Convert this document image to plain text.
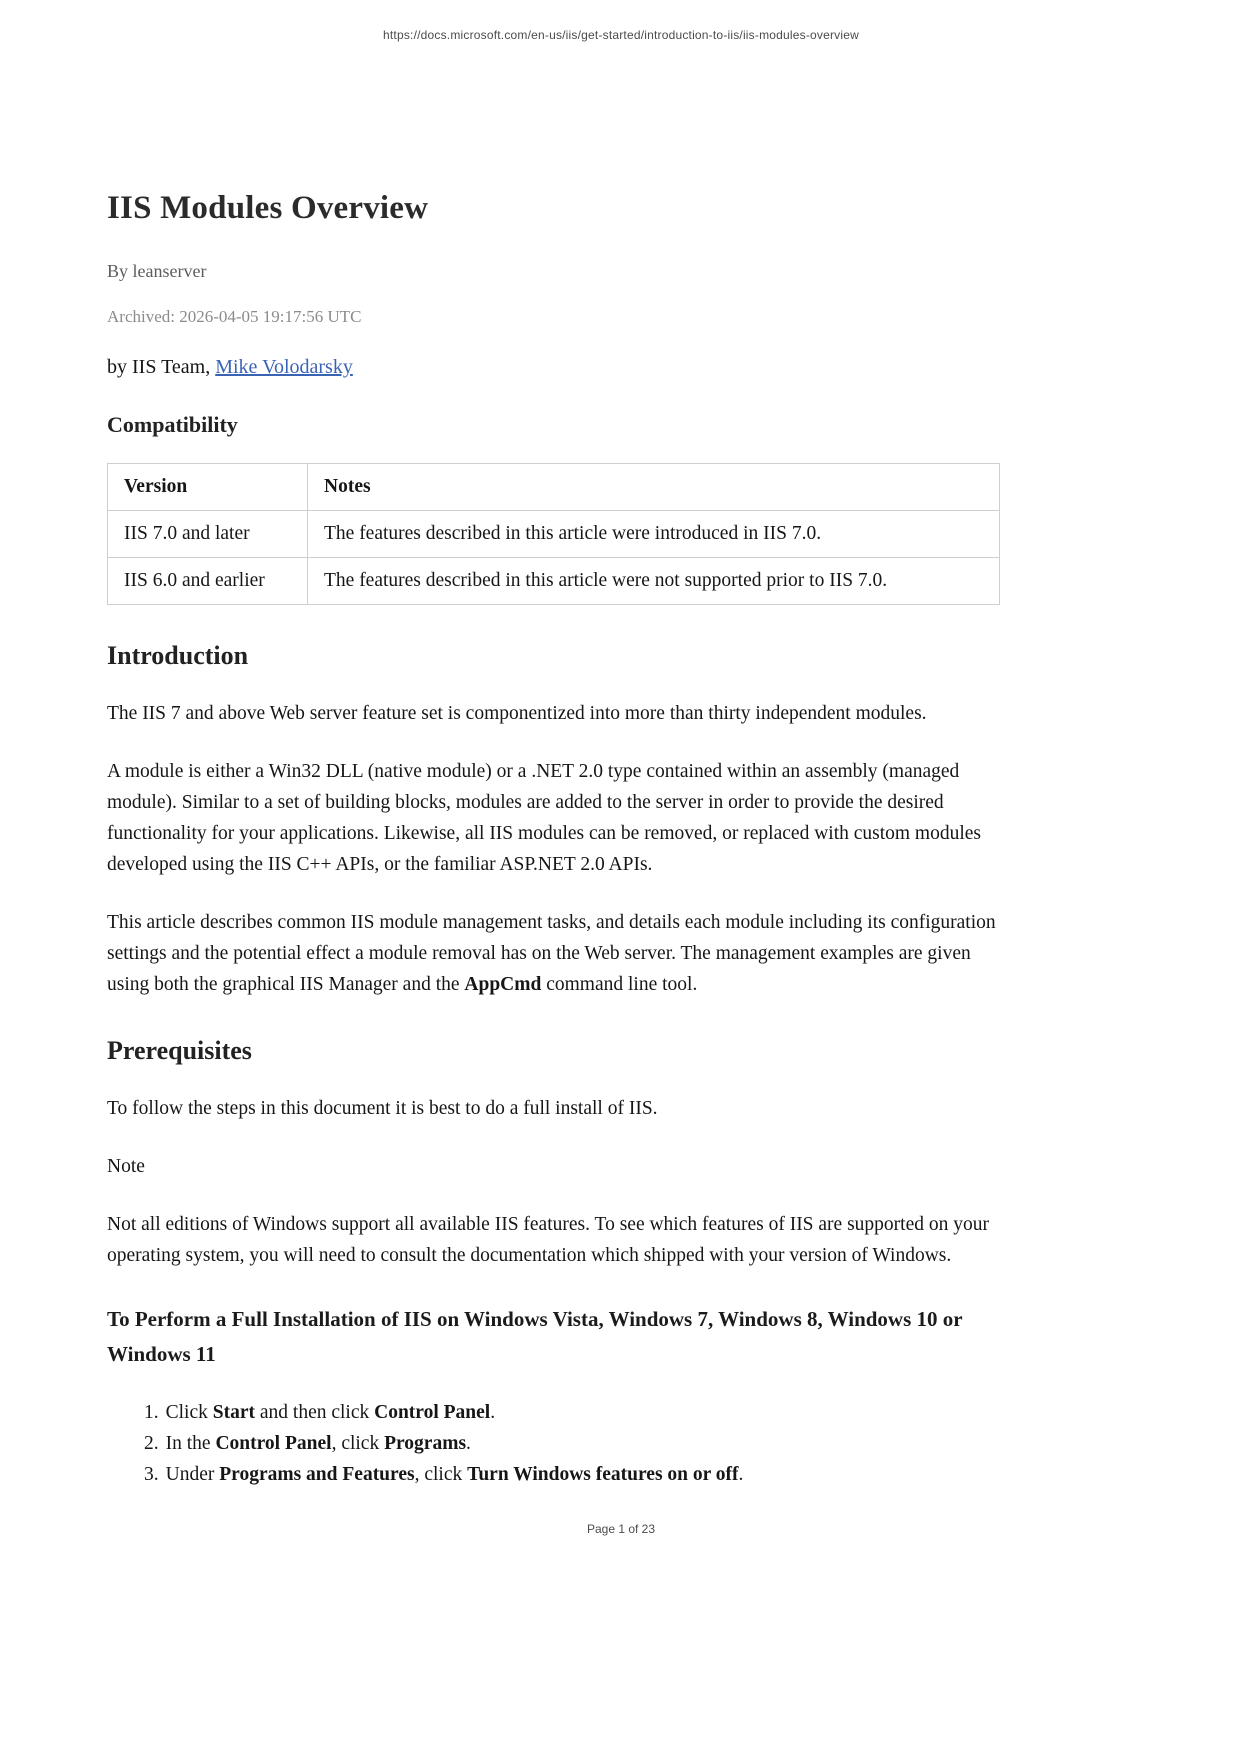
https://docs.microsoft.com/en-us/iis/get-started/introduction-to-iis/iis-modules-overview
IIS Modules Overview

By leanserver

Archived: 2026-04-05 19:17:56 UTC

by IIS Team, Mike Volodarsky

Compatibility
Version	Notes
IIS 7.0 and later	The features described in this article were introduced in IIS 7.0.
IIS 6.0 and earlier	The features described in this article were not supported prior to IIS 7.0.
Introduction

The IIS 7 and above Web server feature set is componentized into more than thirty independent modules.

A module is either a Win32 DLL (native module) or a .NET 2.0 type contained within an assembly (managed module). Similar to a set of building blocks, modules are added to the server in order to provide the desired functionality for your applications. Likewise, all IIS modules can be removed, or replaced with custom modules developed using the IIS C++ APIs, or the familiar ASP.NET 2.0 APIs.

This article describes common IIS module management tasks, and details each module including its configuration settings and the potential effect a module removal has on the Web server. The management examples are given using both the graphical IIS Manager and the AppCmd command line tool.

Prerequisites

To follow the steps in this document it is best to do a full install of IIS.

Note

Not all editions of Windows support all available IIS features. To see which features of IIS are supported on your operating system, you will need to consult the documentation which shipped with your version of Windows.

To Perform a Full Installation of IIS on Windows Vista, Windows 7, Windows 8, Windows 10 or Windows 11
1. Click Start and then click Control Panel.
2. In the Control Panel, click Programs.
3. Under Programs and Features, click Turn Windows features on or off.
Page 1 of 23
